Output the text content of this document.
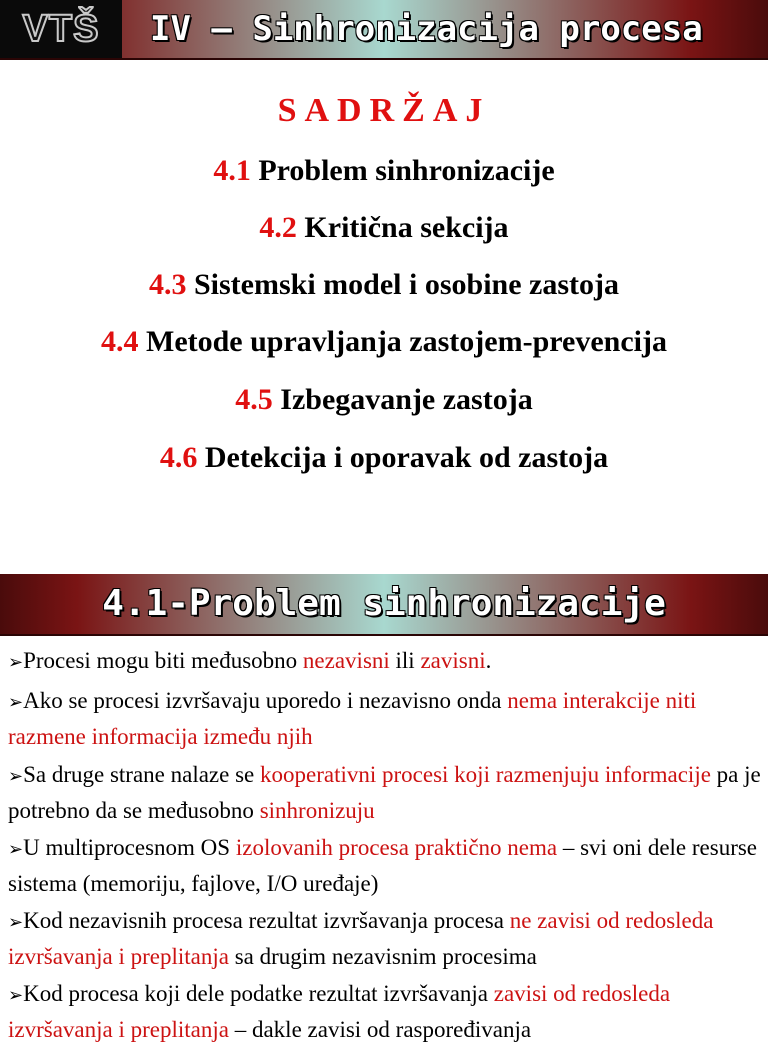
VTŠ IV – Sinhronizacija procesa
SADRŽAJ
4.1 Problem sinhronizacije
4.2 Kritična sekcija
4.3 Sistemski model i osobine zastoja
4.4 Metode upravljanja zastojem-prevencija
4.5 Izbegavanje zastoja
4.6 Detekcija i oporavak od zastoja
4.1-Problem sinhronizacije
➢Procesi mogu biti međusobno nezavisni ili zavisni.
➢Ako se procesi izvršavaju uporedo i nezavisno onda nema interakcije niti razmene informacija između njih
➢Sa druge strane nalaze se kooperativni procesi koji razmenjuju informacije pa je potrebno da se međusobno sinhronizuju
➢U multiprocesnom OS izolovanih procesa praktično nema – svi oni dele resurse sistema (memoriju, fajlove, I/O uređaje)
➢Kod nezavisnih procesa rezultat izvršavanja procesa ne zavisi od redosleda izvršavanja i preplitanja sa drugim nezavisnim procesima
➢Kod procesa koji dele podatke rezultat izvršavanja zavisi od redosleda izvršavanja i preplitanja – dakle zavisi od raspoređivanja
